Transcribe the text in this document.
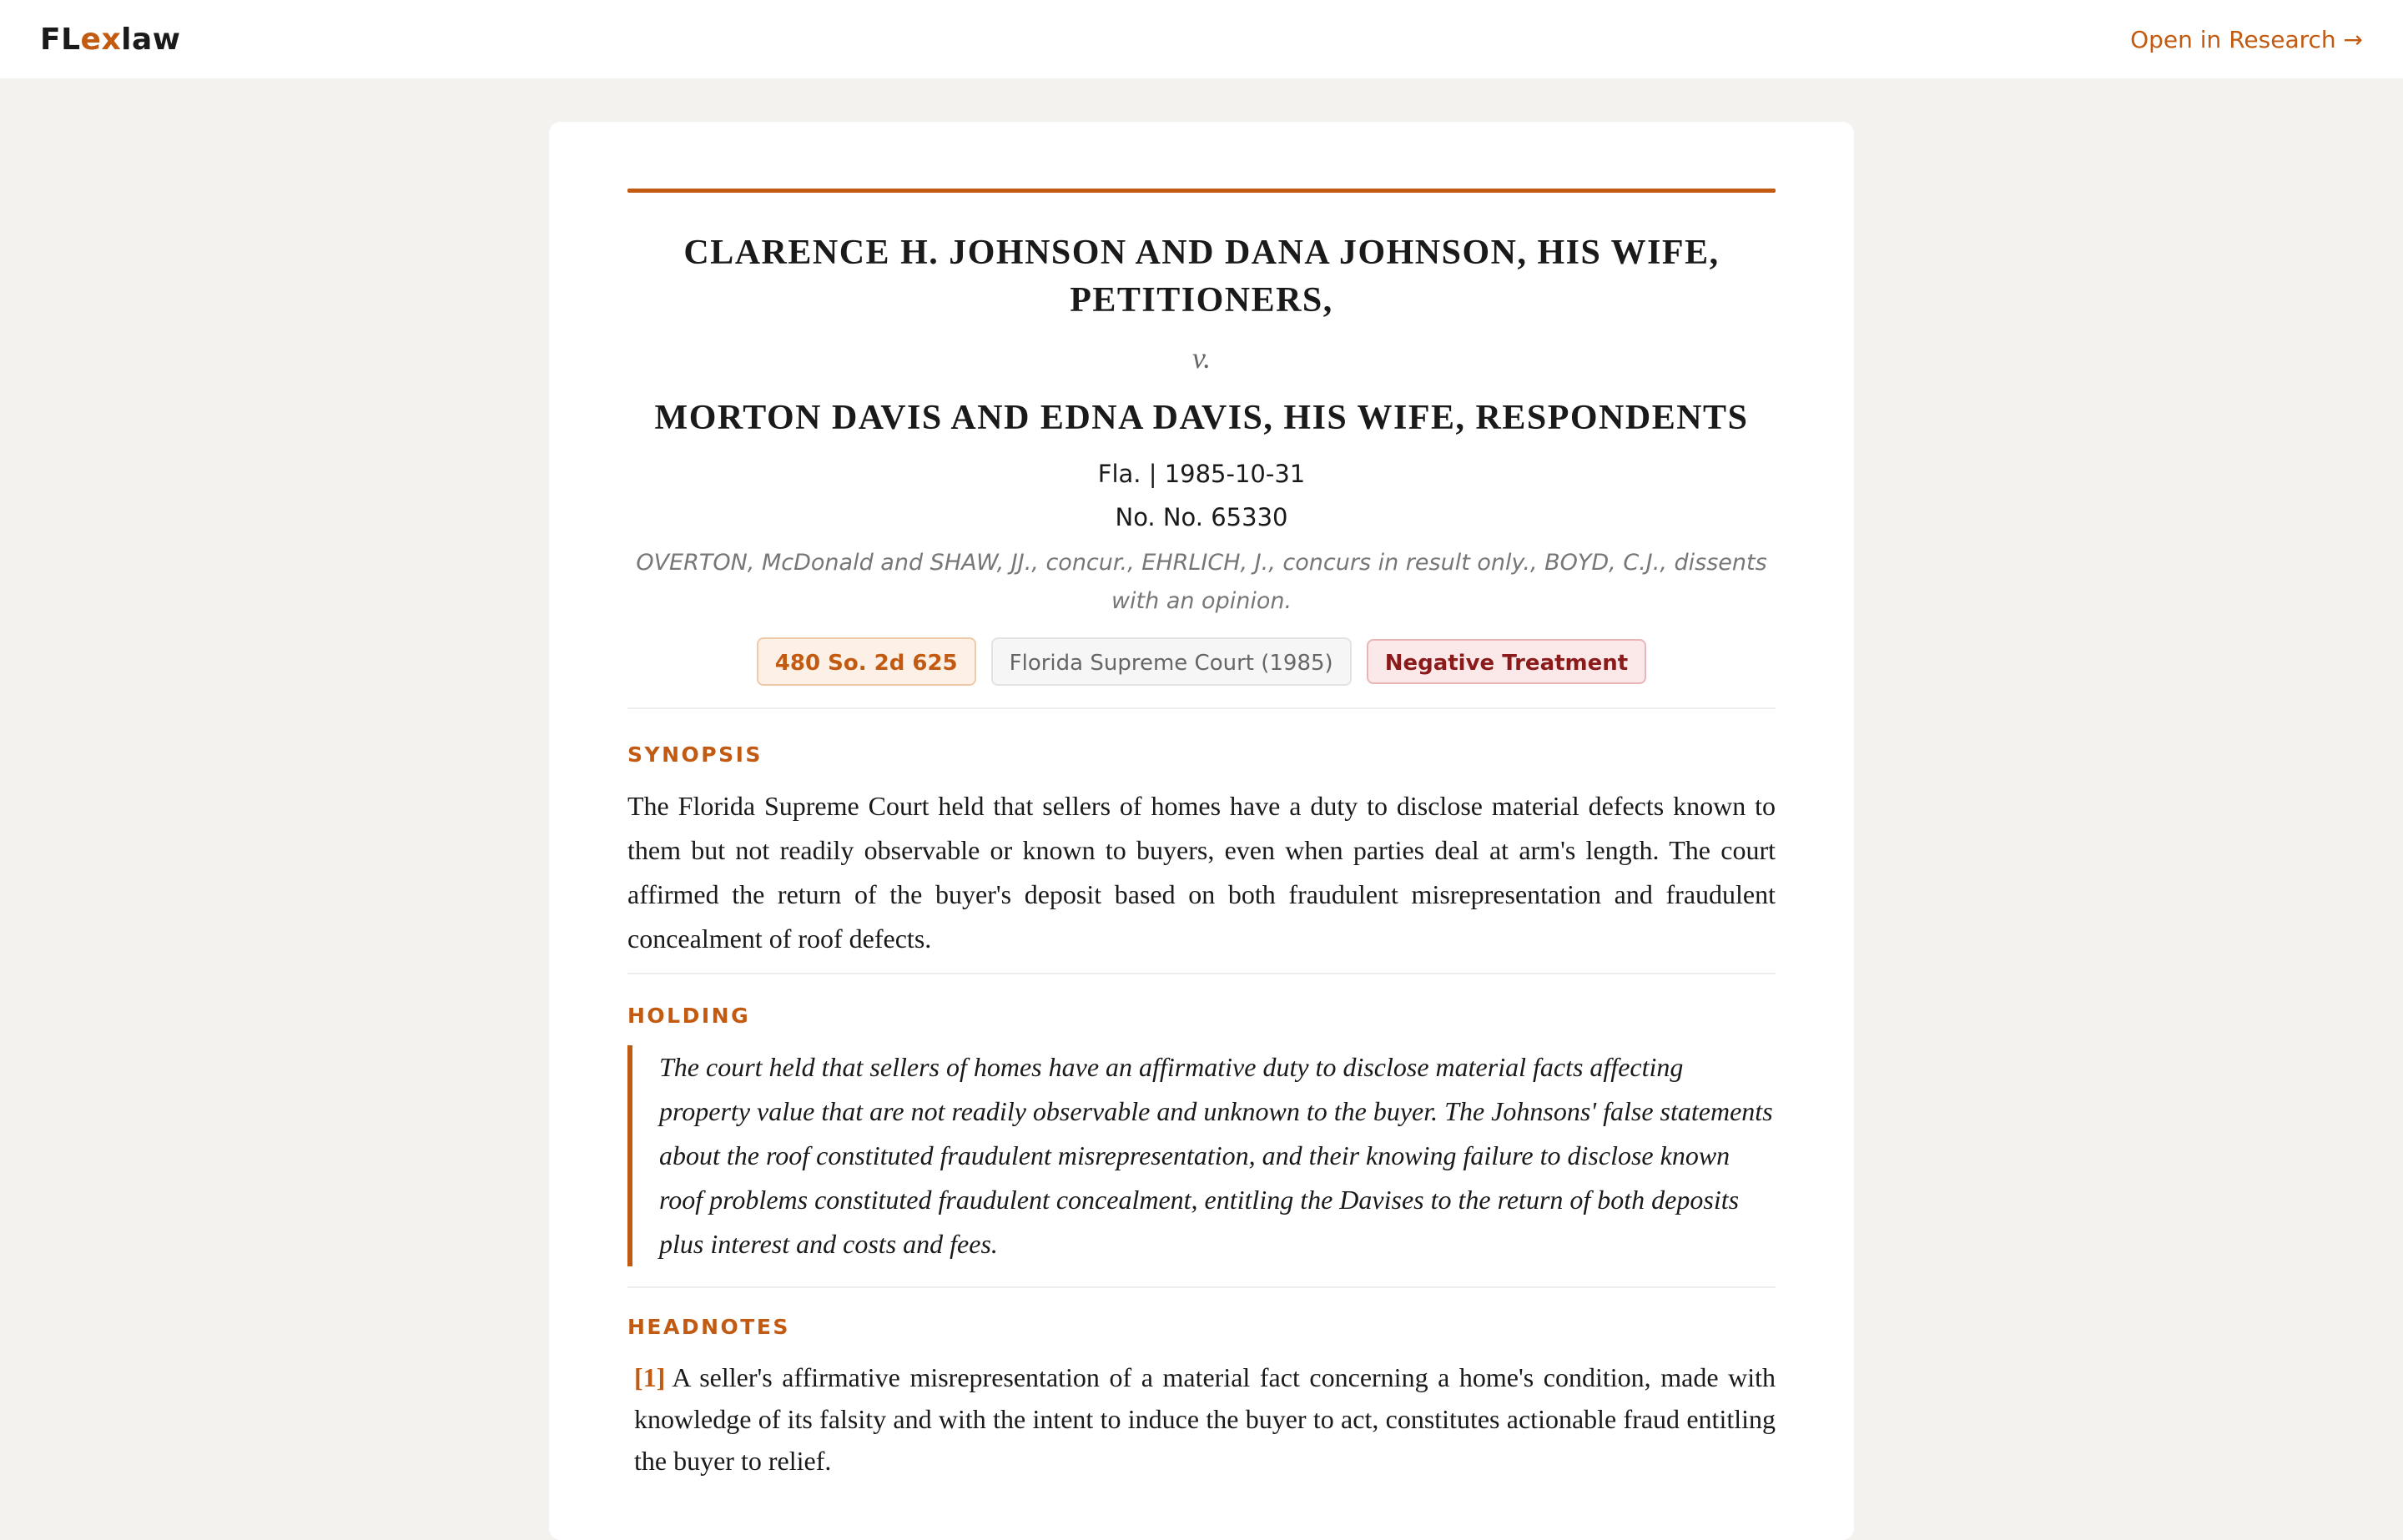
FLexlaw	Open in Research →
CLARENCE H. JOHNSON AND DANA JOHNSON, HIS WIFE, PETITIONERS,
v.
MORTON DAVIS AND EDNA DAVIS, HIS WIFE, RESPONDENTS
Fla. | 1985-10-31
No. No. 65330
OVERTON, McDonald and SHAW, JJ., concur., EHRLICH, J., concurs in result only., BOYD, C.J., dissents with an opinion.
480 So. 2d 625	Florida Supreme Court (1985)	Negative Treatment
SYNOPSIS
The Florida Supreme Court held that sellers of homes have a duty to disclose material defects known to them but not readily observable or known to buyers, even when parties deal at arm's length. The court affirmed the return of the buyer's deposit based on both fraudulent misrepresentation and fraudulent concealment of roof defects.
HOLDING
The court held that sellers of homes have an affirmative duty to disclose material facts affecting property value that are not readily observable and unknown to the buyer. The Johnsons' false statements about the roof constituted fraudulent misrepresentation, and their knowing failure to disclose known roof problems constituted fraudulent concealment, entitling the Davises to the return of both deposits plus interest and costs and fees.
HEADNOTES
[1] A seller's affirmative misrepresentation of a material fact concerning a home's condition, made with knowledge of its falsity and with the intent to induce the buyer to act, constitutes actionable fraud entitling the buyer to relief.
